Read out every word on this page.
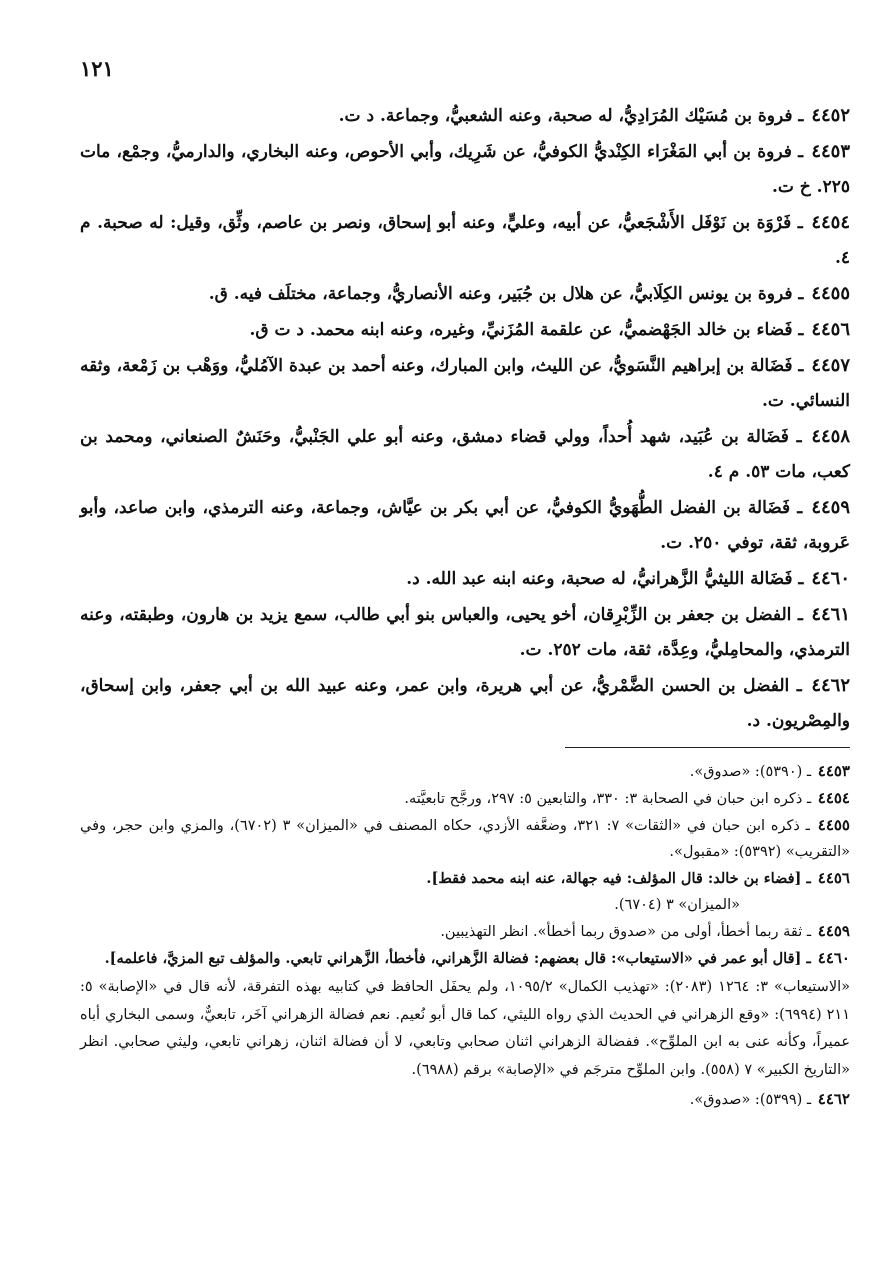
١٢١
٤٤٥٢ ـ فروة بن مُسَيْك المُرَادِيُّ، له صحبة، وعنه الشعبيُّ، وجماعة. د ت.
٤٤٥٣ ـ فروة بن أبي المَغْرَاء الكِنْديُّ الكوفيُّ، عن شَرِيك، وأبي الأحوص، وعنه البخاري، والدارميُّ، وجمْع، مات ٢٢٥. خ ت.
٤٤٥٤ ـ فَرْوَة بن نَوْفَل الأَشْجَعيُّ، عن أبيه، وعليٍّ، وعنه أبو إسحاق، ونصر بن عاصم، وثِّق، وقيل: له صحبة. م ٤.
٤٤٥٥ ـ فروة بن يونس الكِلَابيُّ، عن هلال بن جُبَير، وعنه الأنصاريُّ، وجماعة، مختلَف فيه. ق.
٤٤٥٦ ـ فَضاء بن خالد الجَهْضميُّ، عن علقمة المُزَنيِّ، وغيره، وعنه ابنه محمد. د ت ق.
٤٤٥٧ ـ فَضَالة بن إبراهيم النَّسَويُّ، عن الليث، وابن المبارك، وعنه أحمد بن عبدة الآمُليُّ، ووَهْب بن زَمْعة، وثقه النسائي. ت.
٤٤٥٨ ـ فَضَالة بن عُبَيد، شهد أُحداً، وولي قضاء دمشق، وعنه أبو علي الجَنْبيُّ، وحَنَشٌ الصنعاني، ومحمد بن كعب، مات ٥٣. م ٤.
٤٤٥٩ ـ فَضَالة بن الفضل الطُّهَويُّ الكوفيُّ، عن أبي بكر بن عيَّاش، وجماعة، وعنه الترمذي، وابن صاعد، وأبو عَروبة، ثقة، توفي ٢٥٠. ت.
٤٤٦٠ ـ فَضَالة الليثيُّ الزَّهرانيُّ، له صحبة، وعنه ابنه عبد الله. د.
٤٤٦١ ـ الفضل بن جعفر بن الزِّبْرِقان، أخو يحيى، والعباس بنو أبي طالب، سمع يزيد بن هارون، وطبقته، وعنه الترمذي، والمحامِليُّ، وعِدَّة، ثقة، مات ٢٥٢. ت.
٤٤٦٢ ـ الفضل بن الحسن الضَّمْريُّ، عن أبي هريرة، وابن عمر، وعنه عبيد الله بن أبي جعفر، وابن إسحاق، والمِصْريون. د.
٤٤٥٣ ـ (٥٣٩٠): «صدوق».
٤٤٥٤ ـ ذكره ابن حبان في الصحابة ٣: ٣٣٠، والتابعين ٥: ٢٩٧، ورجَّح تابعيَّته.
٤٤٥٥ ـ ذكره ابن حبان في «الثقات» ٧: ٣٢١، وضعَّفه الأزدي، حكاه المصنف في «الميزان» ٣ (٦٧٠٢)، والمزي وابن حجر، وفي «التقريب» (٥٣٩٢): «مقبول».
٤٤٥٦ ـ [فضاء بن خالد: قال المؤلف: فيه جهالة، عنه ابنه محمد فقط].
«الميزان» ٣ (٦٧٠٤).
٤٤٥٩ ـ ثقة ربما أخطأ، أولى من «صدوق ربما أخطأ». انظر التهذيبين.
٤٤٦٠ ـ [قال أبو عمر في «الاستيعاب»: قال بعضهم: فضالة الزَّهراني، فأخطأ، الزَّهراني تابعي. والمؤلف تبع المزيَّ، فاعلمه].
«الاستيعاب» ٣: ١٢٦٤ (٢٠٨٣): «تهذيب الكمال» ١٠٩٥/٢، ولم يحفَل الحافظ في كتابيه بهذه التفرقة، لأنه قال في «الإصابة» ٥: ٢١١ (٦٩٩٤): «وقع الزهراني في الحديث الذي رواه الليثي، كما قال أبو نُعيم. نعم فضالة الزهراني آخَر، تابعيٌّ، وسمى البخاري أباه عميراً، وكأنه عنى به ابن الملوِّح». ففضالة الزهراني اثنان صحابي وتابعي، لا أن فضالة اثنان، زهراني تابعي، وليثي صحابي. انظر «التاريخ الكبير» ٧ (٥٥٨). وابن الملوِّح مترجَم في «الإصابة» برقم (٦٩٨٨).
٤٤٦٢ ـ (٥٣٩٩): «صدوق».
